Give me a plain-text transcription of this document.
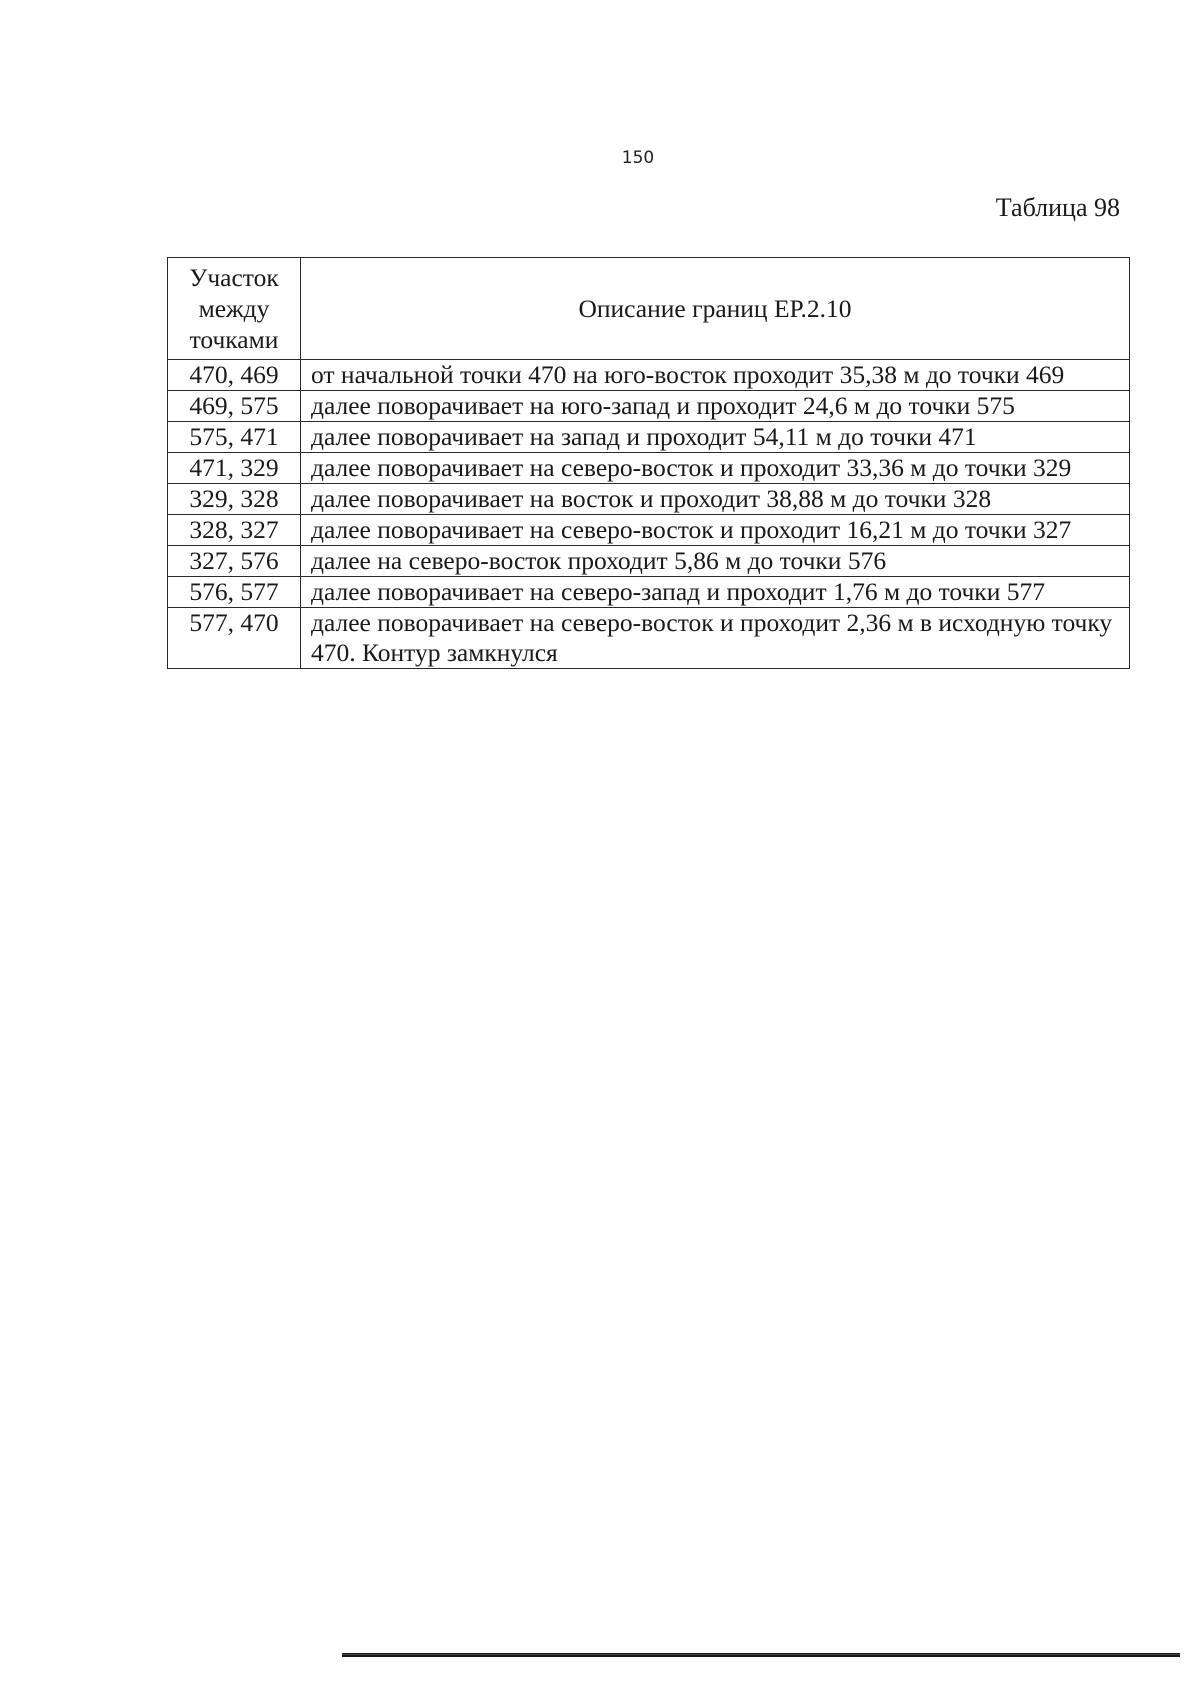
150
Таблица 98
Участок между точками	Описание границ ЕР.2.10
470, 469	от начальной точки 470 на юго-восток проходит 35,38 м до точки 469
469, 575	далее поворачивает на юго-запад и проходит 24,6 м до точки 575
575, 471	далее поворачивает на запад и проходит 54,11 м до точки 471
471, 329	далее поворачивает на северо-восток и проходит 33,36 м до точки 329
329, 328	далее поворачивает на восток и проходит 38,88 м до точки 328
328, 327	далее поворачивает на северо-восток и проходит 16,21 м до точки 327
327, 576	далее на северо-восток проходит 5,86 м до точки 576
576, 577	далее поворачивает на северо-запад и проходит 1,76 м до точки 577
577, 470	далее поворачивает на северо-восток и проходит 2,36 м в исходную точку 470. Контур замкнулся
